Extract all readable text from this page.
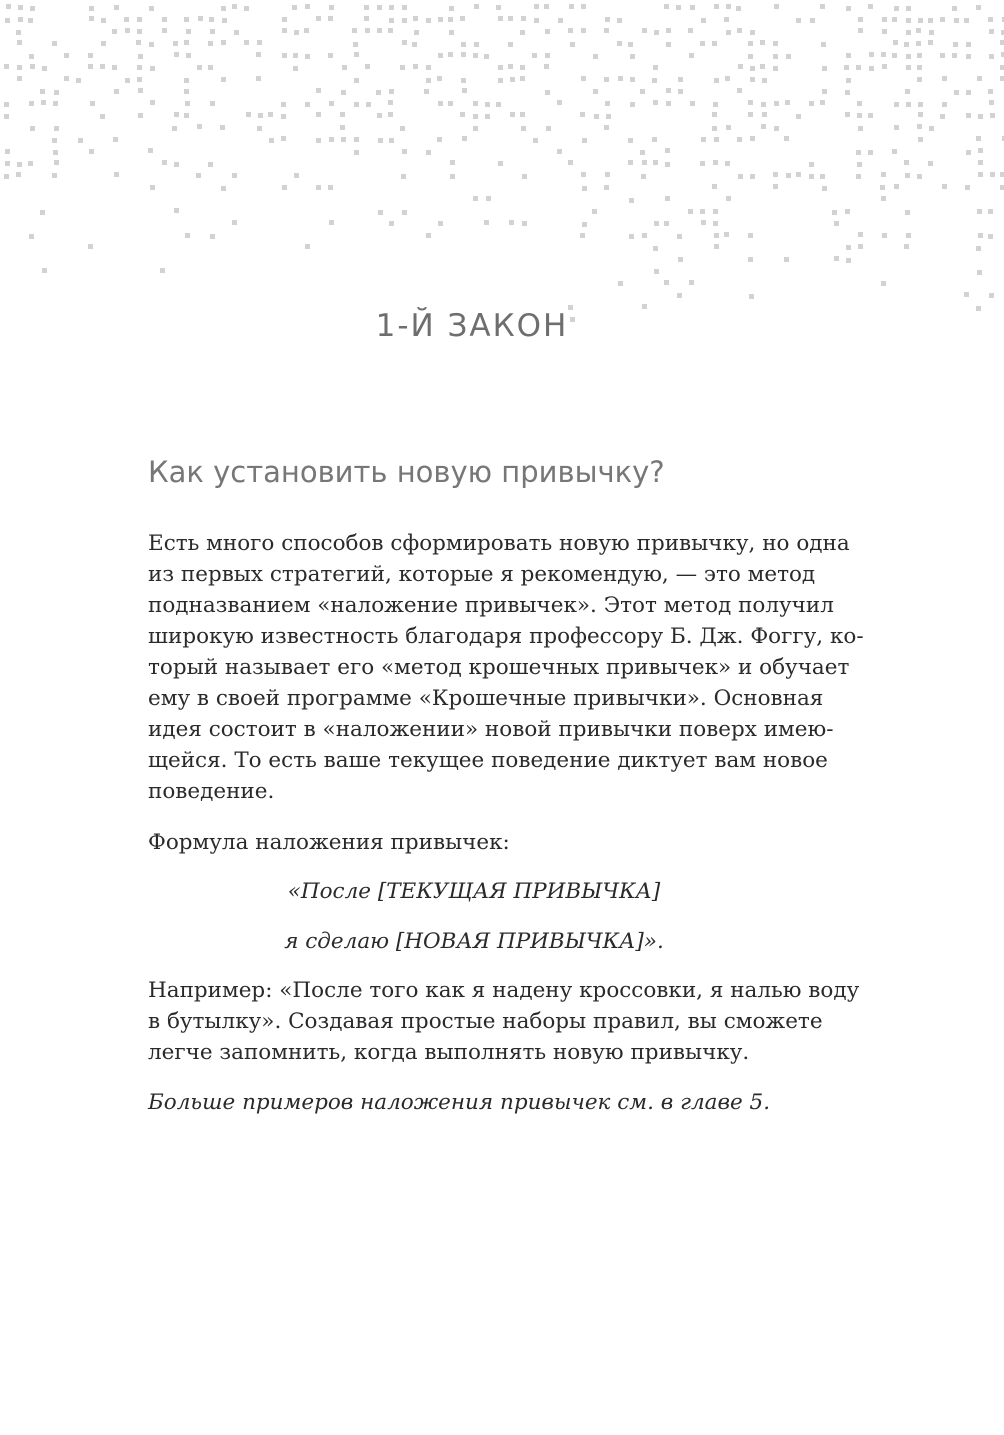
1-Й ЗАКОН
Как установить новую привычку?
Есть много способов сформировать новую привычку, но одна
из первых стратегий, которые я рекомендую, — это метод
подназванием «наложение привычек». Этот метод получил
широкую известность благодаря профессору Б. Дж. Фоггу, ко-
торый называет его «метод крошечных привычек» и обучает
ему в своей программе «Крошечные привычки». Основная
идея состоит в «наложении» новой привычки поверх имею-
щейся. То есть ваше текущее поведение диктует вам новое
поведение.

Формула наложения привычек:

«После [ТЕКУЩАЯ ПРИВЫЧКА]

я сделаю [НОВАЯ ПРИВЫЧКА]».

Например: «После того как я надену кроссовки, я налью воду
в бутылку». Создавая простые наборы правил, вы сможете
легче запомнить, когда выполнять новую привычку.

Больше примеров наложения привычек см. в главе 5.
